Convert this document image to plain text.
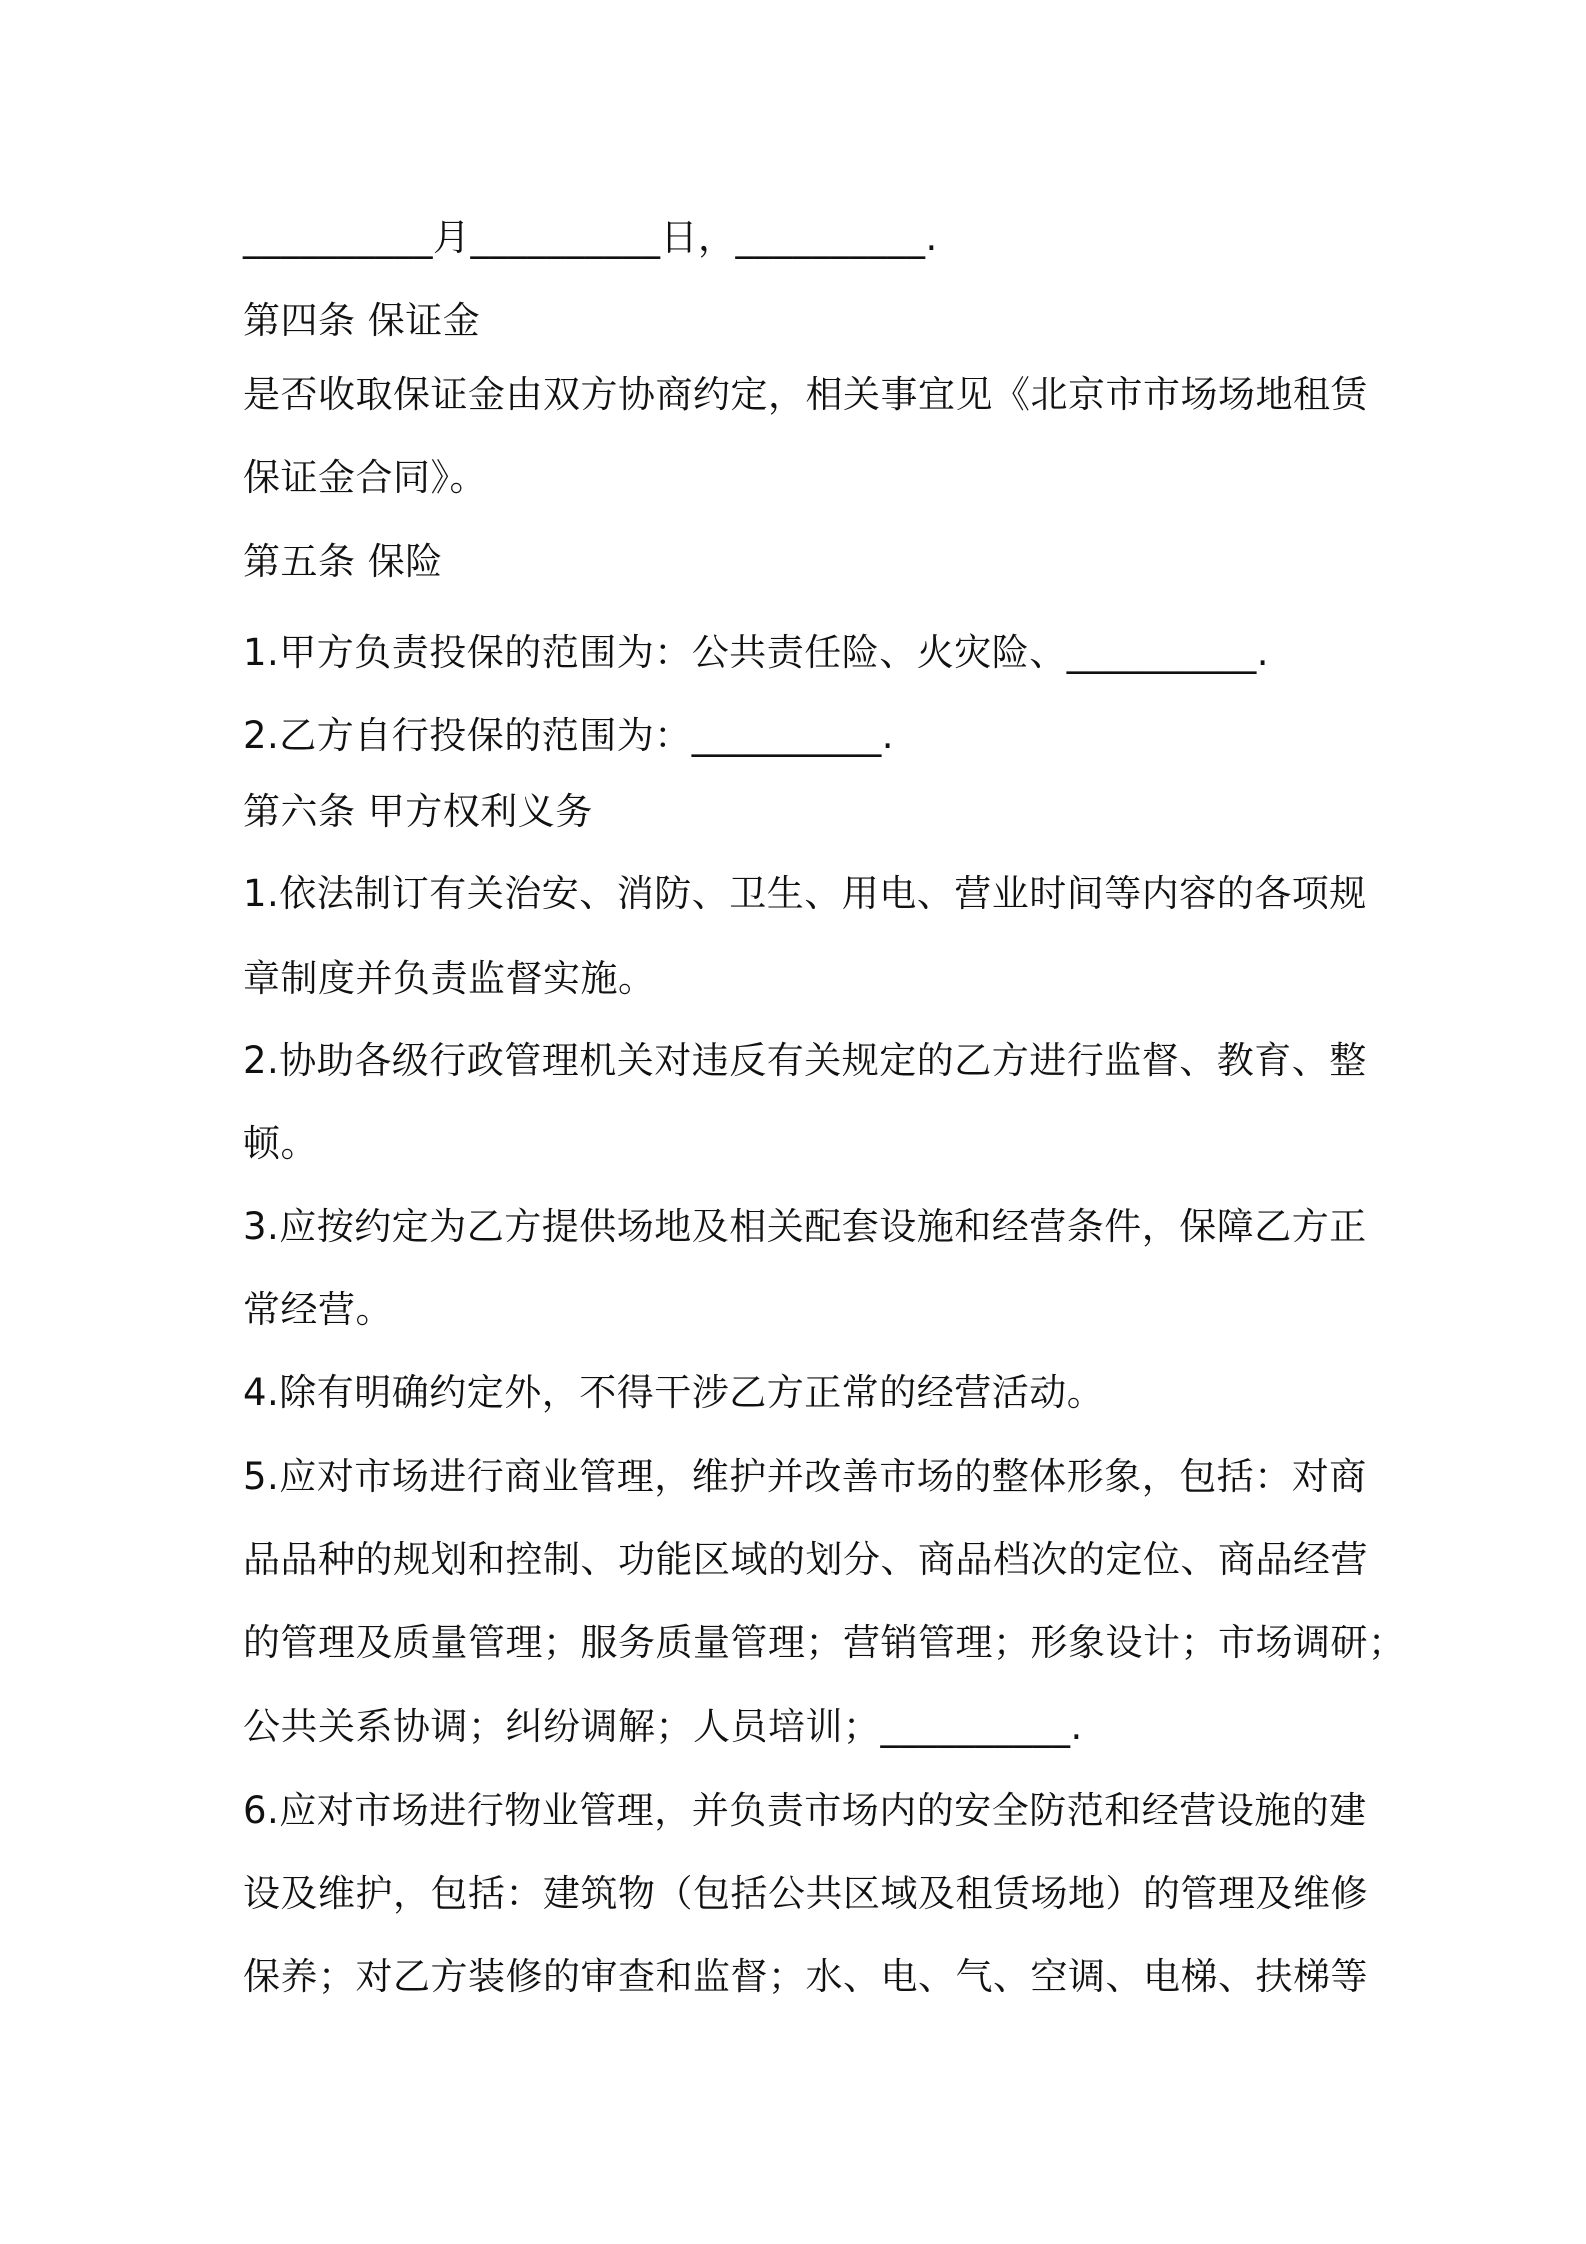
__________月__________日，__________.
第四条 保证金
是否收取保证金由双方协商约定，相关事宜见《北京市市场场地租赁
保证金合同》。
第五条 保险
1.甲方负责投保的范围为：公共责任险、火灾险、__________.
2.乙方自行投保的范围为：__________.
第六条 甲方权利义务
1.依法制订有关治安、消防、卫生、用电、营业时间等内容的各项规
章制度并负责监督实施。
2.协助各级行政管理机关对违反有关规定的乙方进行监督、教育、整
顿。
3.应按约定为乙方提供场地及相关配套设施和经营条件，保障乙方正
常经营。
4.除有明确约定外，不得干涉乙方正常的经营活动。
5.应对市场进行商业管理，维护并改善市场的整体形象，包括：对商
品品种的规划和控制、功能区域的划分、商品档次的定位、商品经营
的管理及质量管理；服务质量管理；营销管理；形象设计；市场调研；
公共关系协调；纠纷调解；人员培训；__________.
6.应对市场进行物业管理，并负责市场内的安全防范和经营设施的建
设及维护，包括：建筑物（包括公共区域及租赁场地）的管理及维修
保养；对乙方装修的审查和监督；水、电、气、空调、电梯、扶梯等
